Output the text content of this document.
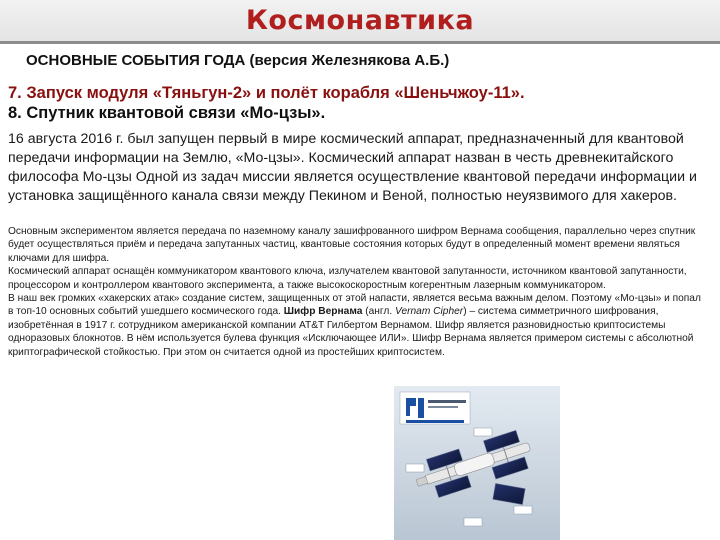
Космонавтика
ОСНОВНЫЕ СОБЫТИЯ ГОДА (версия Железнякова А.Б.)
7. Запуск модуля «Тяньгун-2» и полёт корабля «Шеньчжоу-11».
8. Спутник квантовой связи «Мо-цзы».
16 августа 2016 г. был запущен первый в мире космический аппарат, предназначенный для квантовой передачи информации на Землю, «Мо-цзы». Космический аппарат назван в честь древнекитайского философа Мо-цзы Одной из задач миссии является осуществление квантовой передачи информации и установка защищённого канала связи между Пекином и Веной, полностью неуязвимого для хакеров.

Основным экспериментом является передача по наземному каналу зашифрованного шифром Вернама сообщения, параллельно через спутник будет осуществляться приём и передача запутанных частиц, квантовые состояния которых будут в определенный момент времени являться ключами для шифра.

Космический аппарат оснащён коммуникатором квантового ключа, излучателем квантовой запутанности, источником квантовой запутанности, процессором и контроллером квантового эксперимента, а также высокоскоростным когерентным лазерным коммуникатором.

В наш век громких «хакерских атак» создание систем, защищенных от этой напасти, является весьма важным делом. Поэтому «Мо-цзы» и попал в топ-10 основных событий ушедшего космического года. Шифр Вернама (англ. Vernam Cipher) – система симметричного шифрования, изобретённая в 1917 г. сотрудником американской компании AT&T Гилбертом Вернамом. Шифр является разновидностью криптосистемы одноразовых блокнотов. В нём используется булева функция «Исключающее ИЛИ». Шифр Вернама является примером системы с абсолютной криптографической стойкостью. При этом он считается одной из простейших криптосистем.
